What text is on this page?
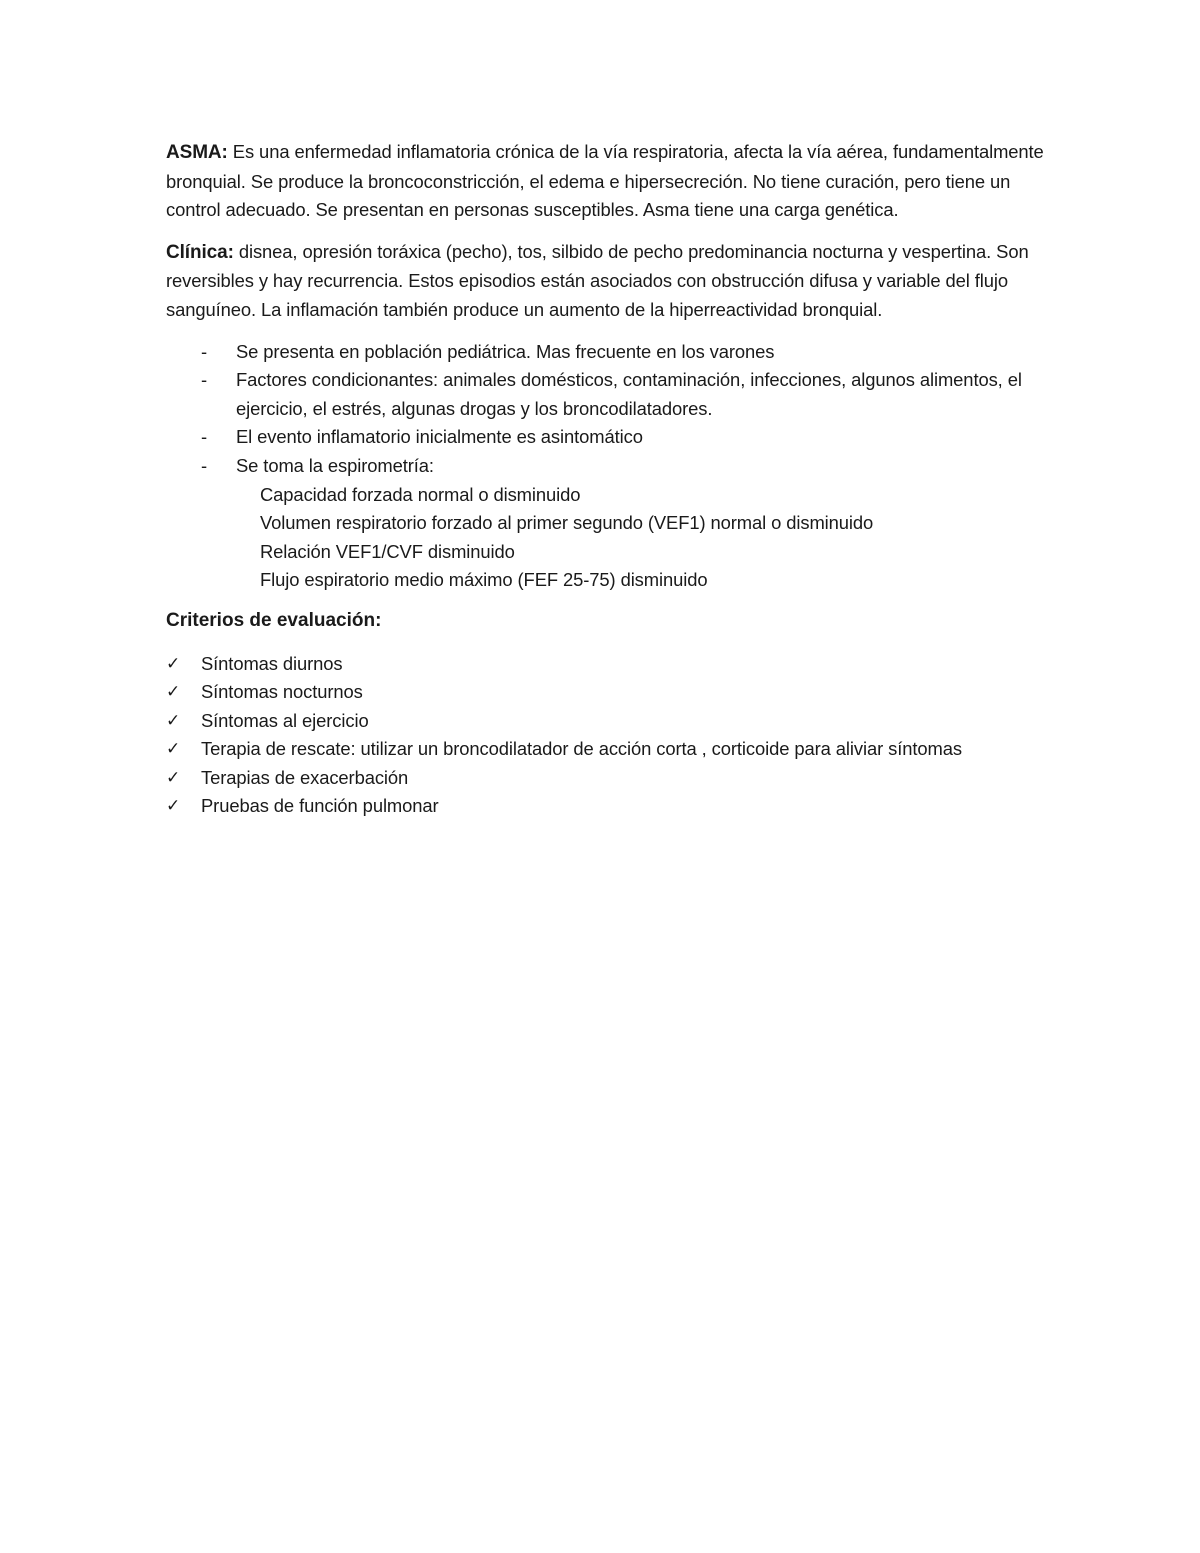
ASMA: Es una enfermedad inflamatoria crónica de la vía respiratoria, afecta la vía aérea, fundamentalmente bronquial. Se produce la broncoconstricción, el edema e hipersecreción. No tiene curación, pero tiene un control adecuado. Se presentan en personas susceptibles. Asma tiene una carga genética.

Clínica: disnea, opresión toráxica (pecho), tos, silbido de pecho predominancia nocturna y vespertina. Son reversibles y hay recurrencia. Estos episodios están asociados con obstrucción difusa y variable del flujo sanguíneo. La inflamación también produce un aumento de la hiperreactividad bronquial.

- Se presenta en población pediátrica. Mas frecuente en los varones
- Factores condicionantes: animales domésticos, contaminación, infecciones, algunos alimentos, el ejercicio, el estrés, algunas drogas y los broncodilatadores.
- El evento inflamatorio inicialmente es asintomático
- Se toma la espirometría:
Capacidad forzada normal o disminuido
Volumen respiratorio forzado al primer segundo (VEF1) normal o disminuido
Relación VEF1/CVF disminuido
Flujo espiratorio medio máximo (FEF 25-75) disminuido
Criterios de evaluación:
✓ Síntomas diurnos
✓ Síntomas nocturnos
✓ Síntomas al ejercicio
✓ Terapia de rescate: utilizar un broncodilatador de acción corta , corticoide para aliviar síntomas
✓ Terapias de exacerbación
✓ Pruebas de función pulmonar
